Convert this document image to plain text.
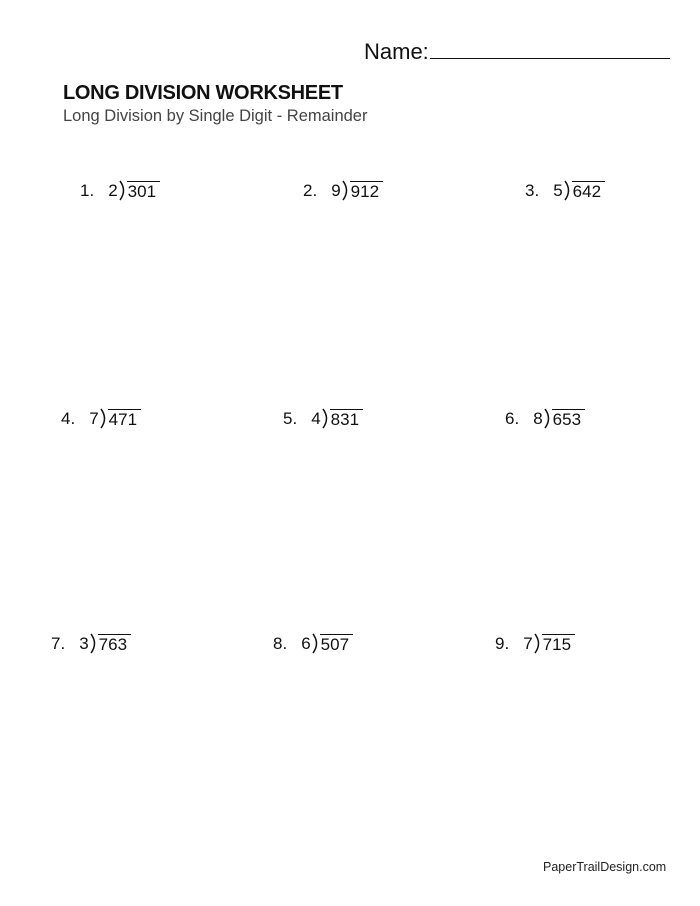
Name:
LONG DIVISION WORKSHEET
Long Division by Single Digit - Remainder
1. 2 301	2. 9 912	3. 5 642
4. 7 471	5. 4 831	6. 8 653
7. 3 763	8. 6 507	9. 7 715
PaperTrailDesign.com
